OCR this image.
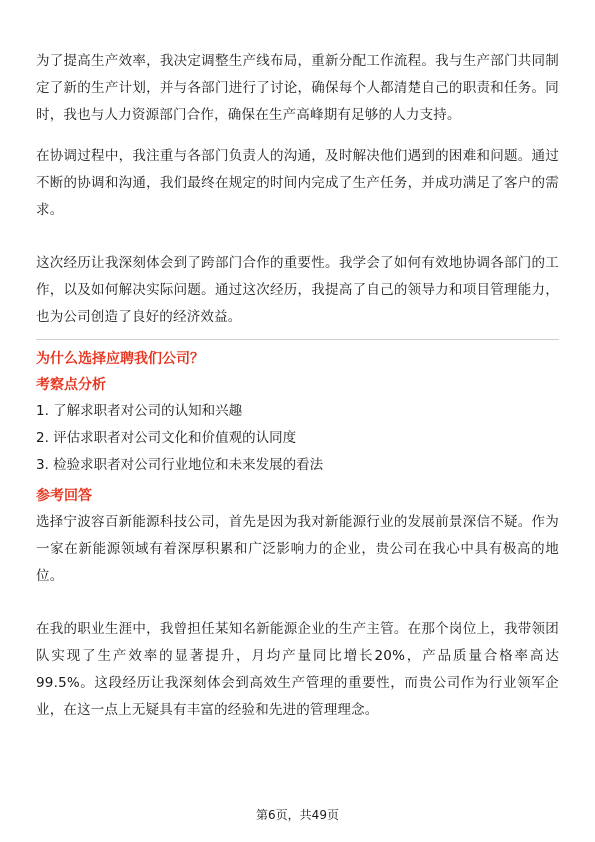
为了提高生产效率，我决定调整生产线布局，重新分配工作流程。我与生产部门共同制定了新的生产计划，并与各部门进行了讨论，确保每个人都清楚自己的职责和任务。同时，我也与人力资源部门合作，确保在生产高峰期有足够的人力支持。

在协调过程中，我注重与各部门负责人的沟通，及时解决他们遇到的困难和问题。通过不断的协调和沟通，我们最终在规定的时间内完成了生产任务，并成功满足了客户的需求。

这次经历让我深刻体会到了跨部门合作的重要性。我学会了如何有效地协调各部门的工作，以及如何解决实际问题。通过这次经历，我提高了自己的领导力和项目管理能力，也为公司创造了良好的经济效益。

为什么选择应聘我们公司？

考察点分析

1. 了解求职者对公司的认知和兴趣
2. 评估求职者对公司文化和价值观的认同度
3. 检验求职者对公司行业地位和未来发展的看法

参考回答

选择宁波容百新能源科技公司，首先是因为我对新能源行业的发展前景深信不疑。作为一家在新能源领域有着深厚积累和广泛影响力的企业，贵公司在我心中具有极高的地位。

在我的职业生涯中，我曾担任某知名新能源企业的生产主管。在那个岗位上，我带领团队实现了生产效率的显著提升，月均产量同比增长20%，产品质量合格率高达99.5%。这段经历让我深刻体会到高效生产管理的重要性，而贵公司作为行业领军企业，在这一点上无疑具有丰富的经验和先进的管理理念。

第6页，共49页
